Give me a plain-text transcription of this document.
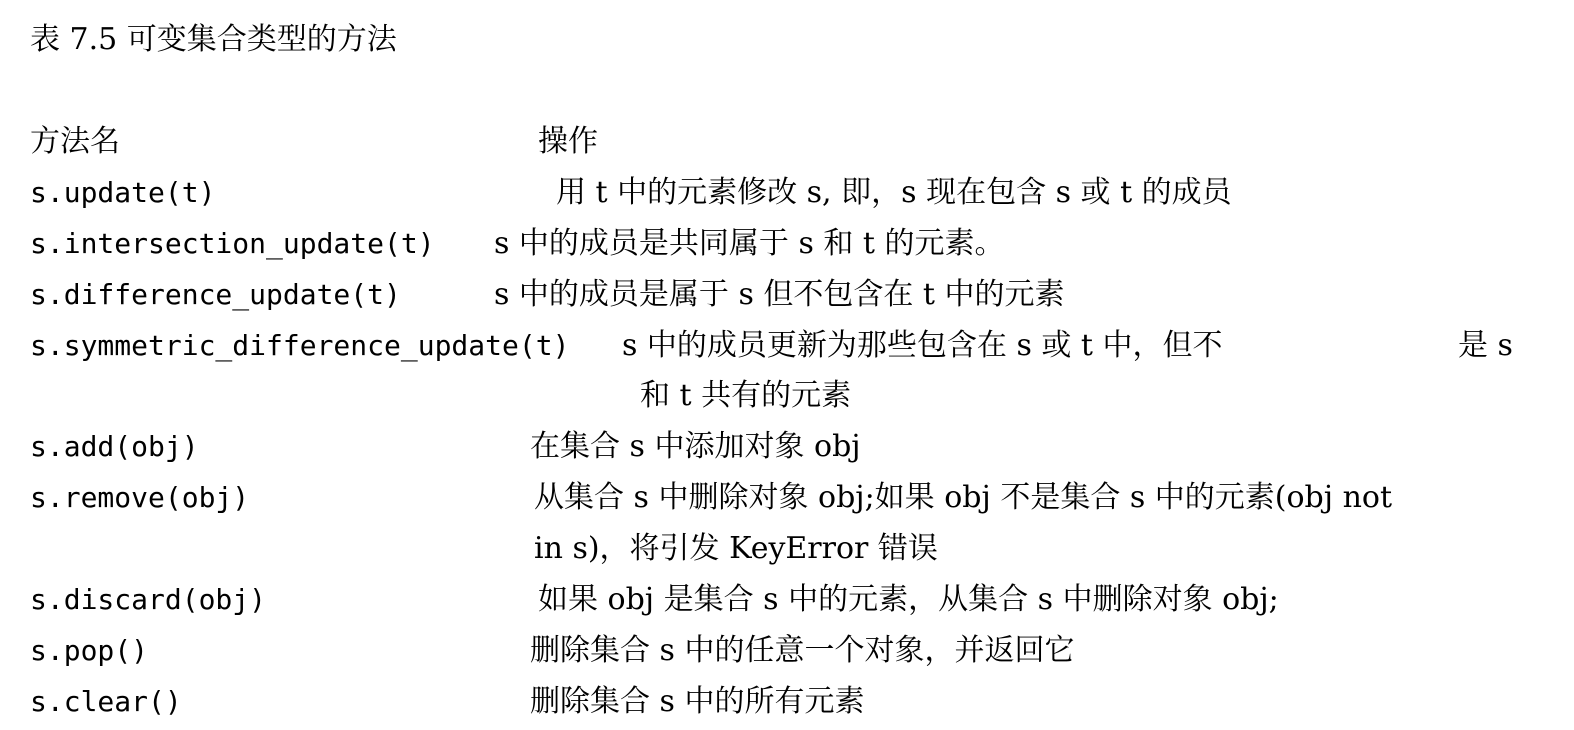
表 7.5 可变集合类型的方法
方法名	操作
s.update(t)	用 t 中的元素修改 s, 即，s 现在包含 s 或 t 的成员
s.intersection_update(t) s 中的成员是共同属于 s 和 t 的元素。
s.difference_update(t)	s 中的成员是属于 s 但不包含在 t 中的元素
s.symmetric_difference_update(t) s 中的成员更新为那些包含在 s 或 t 中，但不	是 s
和 t 共有的元素
s.add(obj)	在集合 s 中添加对象 obj
s.remove(obj)	从集合 s 中删除对象 obj;如果 obj 不是集合 s 中的元素(obj not
in s)，将引发 KeyError 错误
s.discard(obj)	如果 obj 是集合 s 中的元素，从集合 s 中删除对象 obj;
s.pop()	删除集合 s 中的任意一个对象，并返回它
s.clear()	删除集合 s 中的所有元素
